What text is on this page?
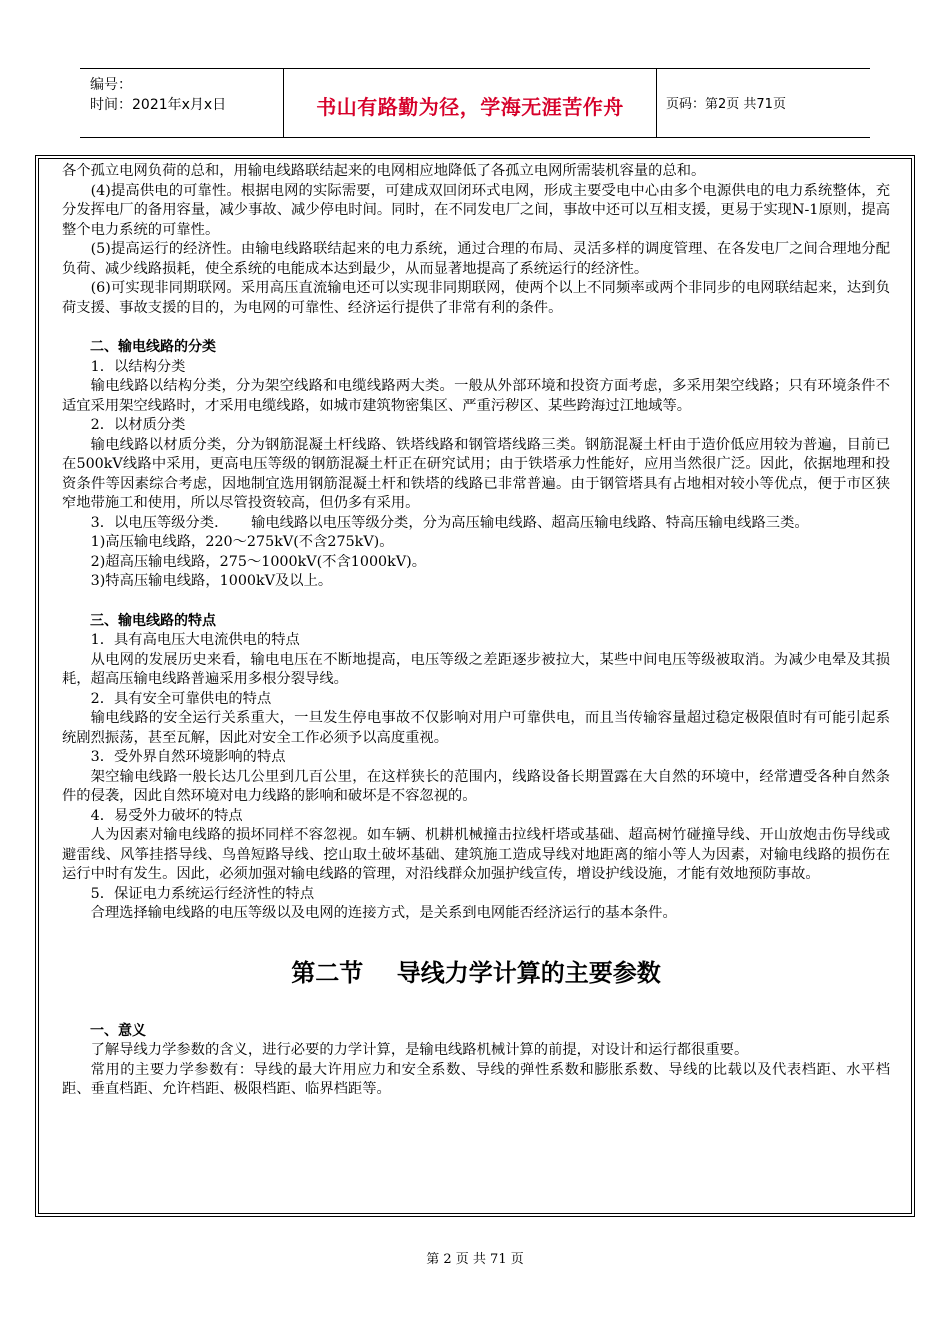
编号：
时间：2021年x月x日	书山有路勤为径，学海无涯苦作舟	页码：第2页 共71页

各个孤立电网负荷的总和，用输电线路联结起来的电网相应地降低了各孤立电网所需装机容量的总和。

(4)提高供电的可靠性。根据电网的实际需要，可建成双回闭环式电网，形成主要受电中心由多个电源供电的电力系统整体，充分发挥电厂的备用容量，减少事故、减少停电时间。同时，在不同发电厂之间，事故中还可以互相支援，更易于实现N-1原则，提高整个电力系统的可靠性。

(5)提高运行的经济性。由输电线路联结起来的电力系统，通过合理的布局、灵活多样的调度管理、在各发电厂之间合理地分配负荷、减少线路损耗，使全系统的电能成本达到最少，从而显著地提高了系统运行的经济性。

(6)可实现非同期联网。采用高压直流输电还可以实现非同期联网，使两个以上不同频率或两个非同步的电网联结起来，达到负荷支援、事故支援的目的，为电网的可靠性、经济运行提供了非常有利的条件。

二、输电线路的分类

1．以结构分类

输电线路以结构分类，分为架空线路和电缆线路两大类。一般从外部环境和投资方面考虑，多采用架空线路；只有环境条件不适宜采用架空线路时，才采用电缆线路，如城市建筑物密集区、严重污秽区、某些跨海过江地域等。

2．以材质分类

输电线路以材质分类，分为钢筋混凝土杆线路、铁塔线路和钢管塔线路三类。钢筋混凝土杆由于造价低应用较为普遍，目前已在500kV线路中采用，更高电压等级的钢筋混凝土杆正在研究试用；由于铁塔承力性能好，应用当然很广泛。因此，依据地理和投资条件等因素综合考虑，因地制宜选用钢筋混凝土杆和铁塔的线路已非常普遍。由于钢管塔具有占地相对较小等优点，便于市区狭窄地带施工和使用，所以尽管投资较高，但仍多有采用。

3．以电压等级分类．     输电线路以电压等级分类，分为高压输电线路、超高压输电线路、特高压输电线路三类。

1)高压输电线路，220～275kV(不含275kV)。

2)超高压输电线路，275～1000kV(不含1000kV)。

3)特高压输电线路，1000kV及以上。

三、输电线路的特点

1．具有高电压大电流供电的特点

从电网的发展历史来看，输电电压在不断地提高，电压等级之差距逐步被拉大，某些中间电压等级被取消。为减少电晕及其损耗，超高压输电线路普遍采用多根分裂导线。

2．具有安全可靠供电的特点

输电线路的安全运行关系重大，一旦发生停电事故不仅影响对用户可靠供电，而且当传输容量超过稳定极限值时有可能引起系统剧烈振荡，甚至瓦解，因此对安全工作必须予以高度重视。

3．受外界自然环境影响的特点

架空输电线路一般长达几公里到几百公里，在这样狭长的范围内，线路设备长期置露在大自然的环境中，经常遭受各种自然条件的侵袭，因此自然环境对电力线路的影响和破坏是不容忽视的。

4．易受外力破坏的特点

人为因素对输电线路的损坏同样不容忽视。如车辆、机耕机械撞击拉线杆塔或基础、超高树竹碰撞导线、开山放炮击伤导线或避雷线、风筝挂搭导线、鸟兽短路导线、挖山取土破坏基础、建筑施工造成导线对地距离的缩小等人为因素，对输电线路的损伤在运行中时有发生。因此，必须加强对输电线路的管理，对沿线群众加强护线宣传，增设护线设施，才能有效地预防事故。

5．保证电力系统运行经济性的特点

合理选择输电线路的电压等级以及电网的连接方式，是关系到电网能否经济运行的基本条件。

第二节    导线力学计算的主要参数

一、意义

了解导线力学参数的含义，进行必要的力学计算，是输电线路机械计算的前提，对设计和运行都很重要。

常用的主要力学参数有：导线的最大许用应力和安全系数、导线的弹性系数和膨胀系数、导线的比载以及代表档距、水平档距、垂直档距、允许档距、极限档距、临界档距等。

第 2 页 共 71 页
